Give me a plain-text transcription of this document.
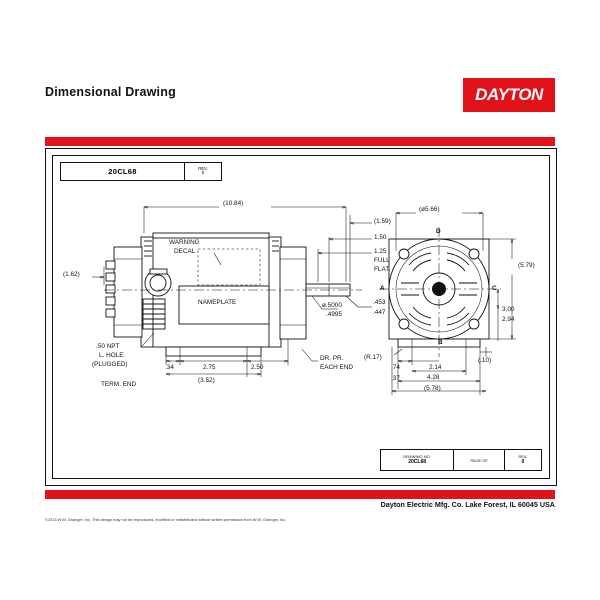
Dimensional Drawing	DAYTON
20CL68	REV.
0
DRAWING NO.
20CL68	PAGE OF
REV.
0
(10.84)
(1.62)
WARNING
DECAL
NAMEPLATE
.50 NPT
L. HOLE
(PLUGGED)
TERM. END
.34	2.75
(3.52)
2.50
DR. PR.
EACH END
(1.59)
1.50
1.25
FULL
FLAT
ø.5000
.4995
.453
.447
(ø5.66)
(5.79)
3.00
2.94
(.10)
(R.17)
.74
.37
2.14
4.28
(5.78)
A
B
C
D
Dayton Electric Mfg. Co. Lake Forest, IL 60045 USA
©2013 W.W. Grainger, Inc. This design may not be reproduced, modified or redistributed without written permission from W.W. Grainger, Inc.
